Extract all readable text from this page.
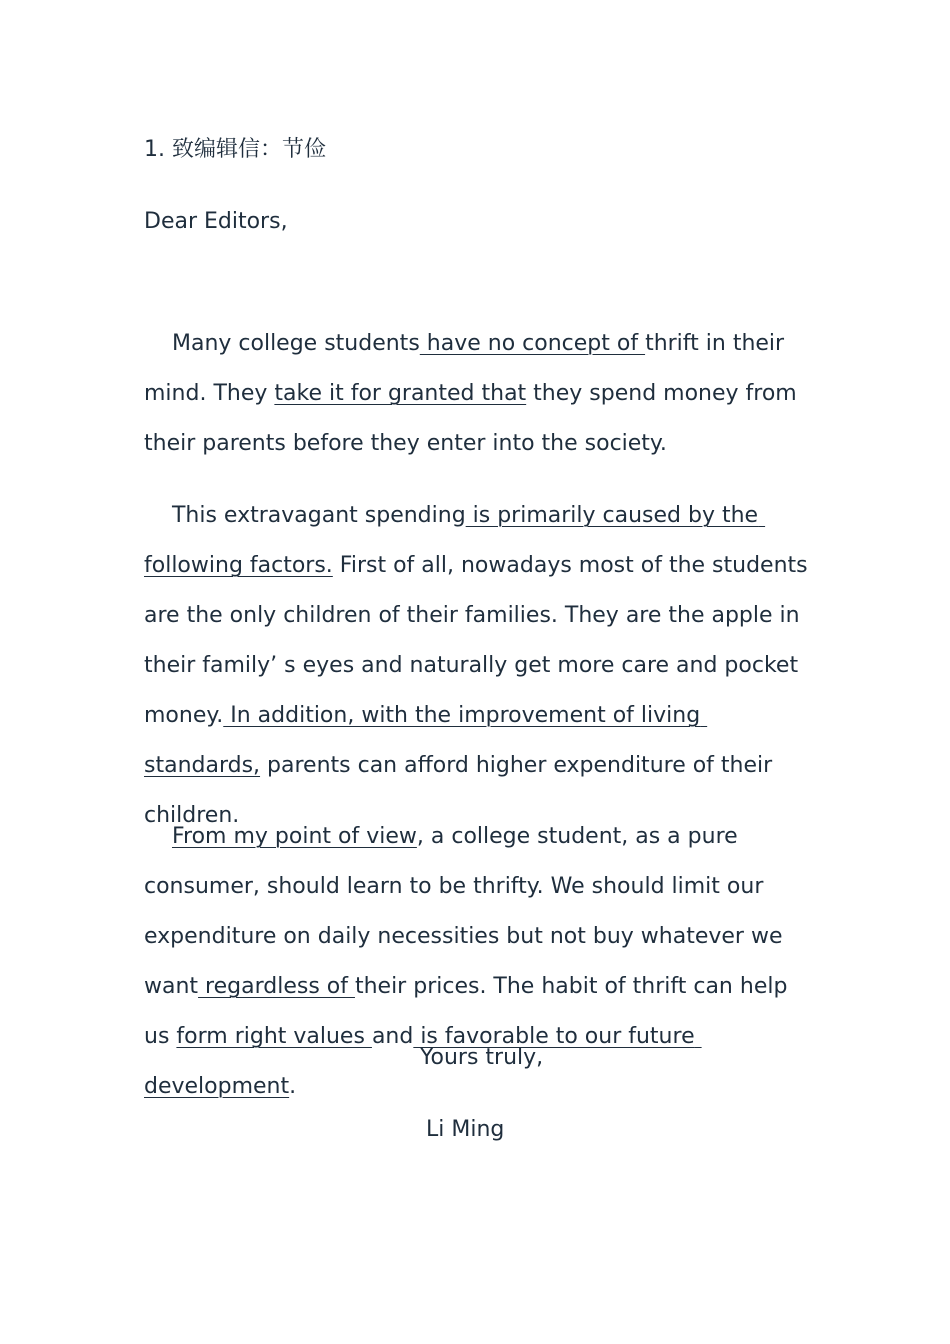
1. 致编辑信：节俭
Dear Editors,

Many college students have no concept of thrift in their mind. They take it for granted that they spend money from their parents before they enter into the society.

This extravagant spending is primarily caused by the following factors. First of all, nowadays most of the students are the only children of their families. They are the apple in their family’ s eyes and naturally get more care and pocket money. In addition, with the improvement of living standards, parents can afford higher expenditure of their children.

From my point of view, a college student, as a pure consumer, should learn to be thrifty. We should limit our expenditure on daily necessities but not buy whatever we want regardless of their prices. The habit of thrift can help us form right values and is favorable to our future development.

Yours truly,
Li Ming
